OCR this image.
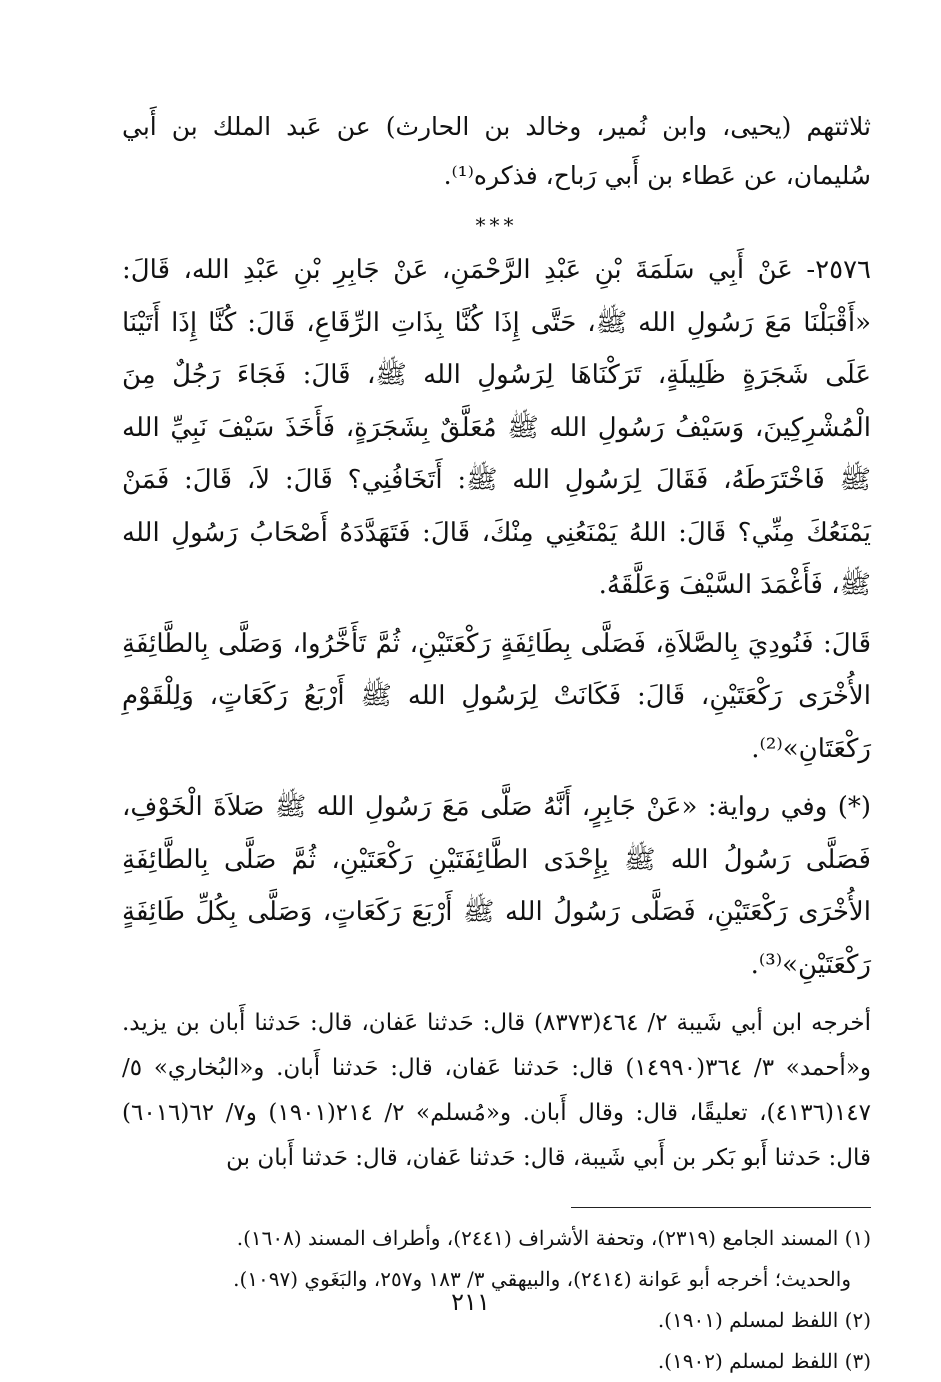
ثلاثتهم (يحيى، وابن نُمير، وخالد بن الحارث) عن عَبد الملك بن أَبي سُليمان، عن عَطاء بن أَبي رَباح، فذكره⁽¹⁾.

***

٢٥٧٦- عَنْ أَبِي سَلَمَةَ بْنِ عَبْدِ الرَّحْمَنِ، عَنْ جَابِرِ بْنِ عَبْدِ الله، قَالَ: «أَقْبَلْنَا مَعَ رَسُولِ الله ﷺ، حَتَّى إِذَا كُنَّا بِذَاتِ الرِّقَاعِ، قَالَ: كُنَّا إِذَا أَتَيْنَا عَلَى شَجَرَةٍ ظَلِيلَةٍ، تَرَكْنَاهَا لِرَسُولِ الله ﷺ، قَالَ: فَجَاءَ رَجُلٌ مِنَ الْمُشْرِكِينَ، وَسَيْفُ رَسُولِ الله ﷺ مُعَلَّقٌ بِشَجَرَةٍ، فَأَخَذَ سَيْفَ نَبِيِّ الله ﷺ فَاخْتَرَطَهُ، فَقَالَ لِرَسُولِ الله ﷺ: أَتَخَافُنِي؟ قَالَ: لاَ، قَالَ: فَمَنْ يَمْنَعُكَ مِنِّي؟ قَالَ: اللهُ يَمْنَعُنِي مِنْكَ، قَالَ: فَتَهَدَّدَهُ أَصْحَابُ رَسُولِ الله ﷺ، فَأَغْمَدَ السَّيْفَ وَعَلَّقَهُ.

قَالَ: فَنُودِيَ بِالصَّلاَةِ، فَصَلَّى بِطَائِفَةٍ رَكْعَتَيْنِ، ثُمَّ تَأَخَّرُوا، وَصَلَّى بِالطَّائِفَةِ الأُخْرَى رَكْعَتَيْنِ، قَالَ: فَكَانَتْ لِرَسُولِ الله ﷺ أَرْبَعُ رَكَعَاتٍ، وَلِلْقَوْمِ رَكْعَتَانِ»⁽²⁾.

(*) وفي رواية: «عَنْ جَابِرٍ، أَنَّهُ صَلَّى مَعَ رَسُولِ الله ﷺ صَلاَةَ الْخَوْفِ، فَصَلَّى رَسُولُ الله ﷺ بِإِحْدَى الطَّائِفَتَيْنِ رَكْعَتَيْنِ، ثُمَّ صَلَّى بِالطَّائِفَةِ الأُخْرَى رَكْعَتَيْنِ، فَصَلَّى رَسُولُ الله ﷺ أَرْبَعَ رَكَعَاتٍ، وَصَلَّى بِكُلِّ طَائِفَةٍ رَكْعَتَيْنِ»⁽³⁾.

أخرجه ابن أبي شَيبة ٢/ ٤٦٤(٨٣٧٣) قال: حَدثنا عَفان، قال: حَدثنا أَبان بن يزيد. و«أحمد» ٣/ ٣٦٤(١٤٩٩٠) قال: حَدثنا عَفان، قال: حَدثنا أَبان. و«البُخاري» ٥/ ١٤٧(٤١٣٦)، تعليقًا، قال: وقال أَبان. و«مُسلم» ٢/ ٢١٤(١٩٠١) و٧/ ٦٢(٦٠١٦) قال: حَدثنا أَبو بَكر بن أَبي شَيبة، قال: حَدثنا عَفان، قال: حَدثنا أَبان بن

(١) المسند الجامع (٢٣١٩)، وتحفة الأشراف (٢٤٤١)، وأطراف المسند (١٦٠٨).

والحديث؛ أخرجه أبو عَوانة (٢٤١٤)، والبيهقي ٣/ ١٨٣ و٢٥٧، والبَغَوي (١٠٩٧).

(٢) اللفظ لمسلم (١٩٠١).

(٣) اللفظ لمسلم (١٩٠٢).

٢١١
